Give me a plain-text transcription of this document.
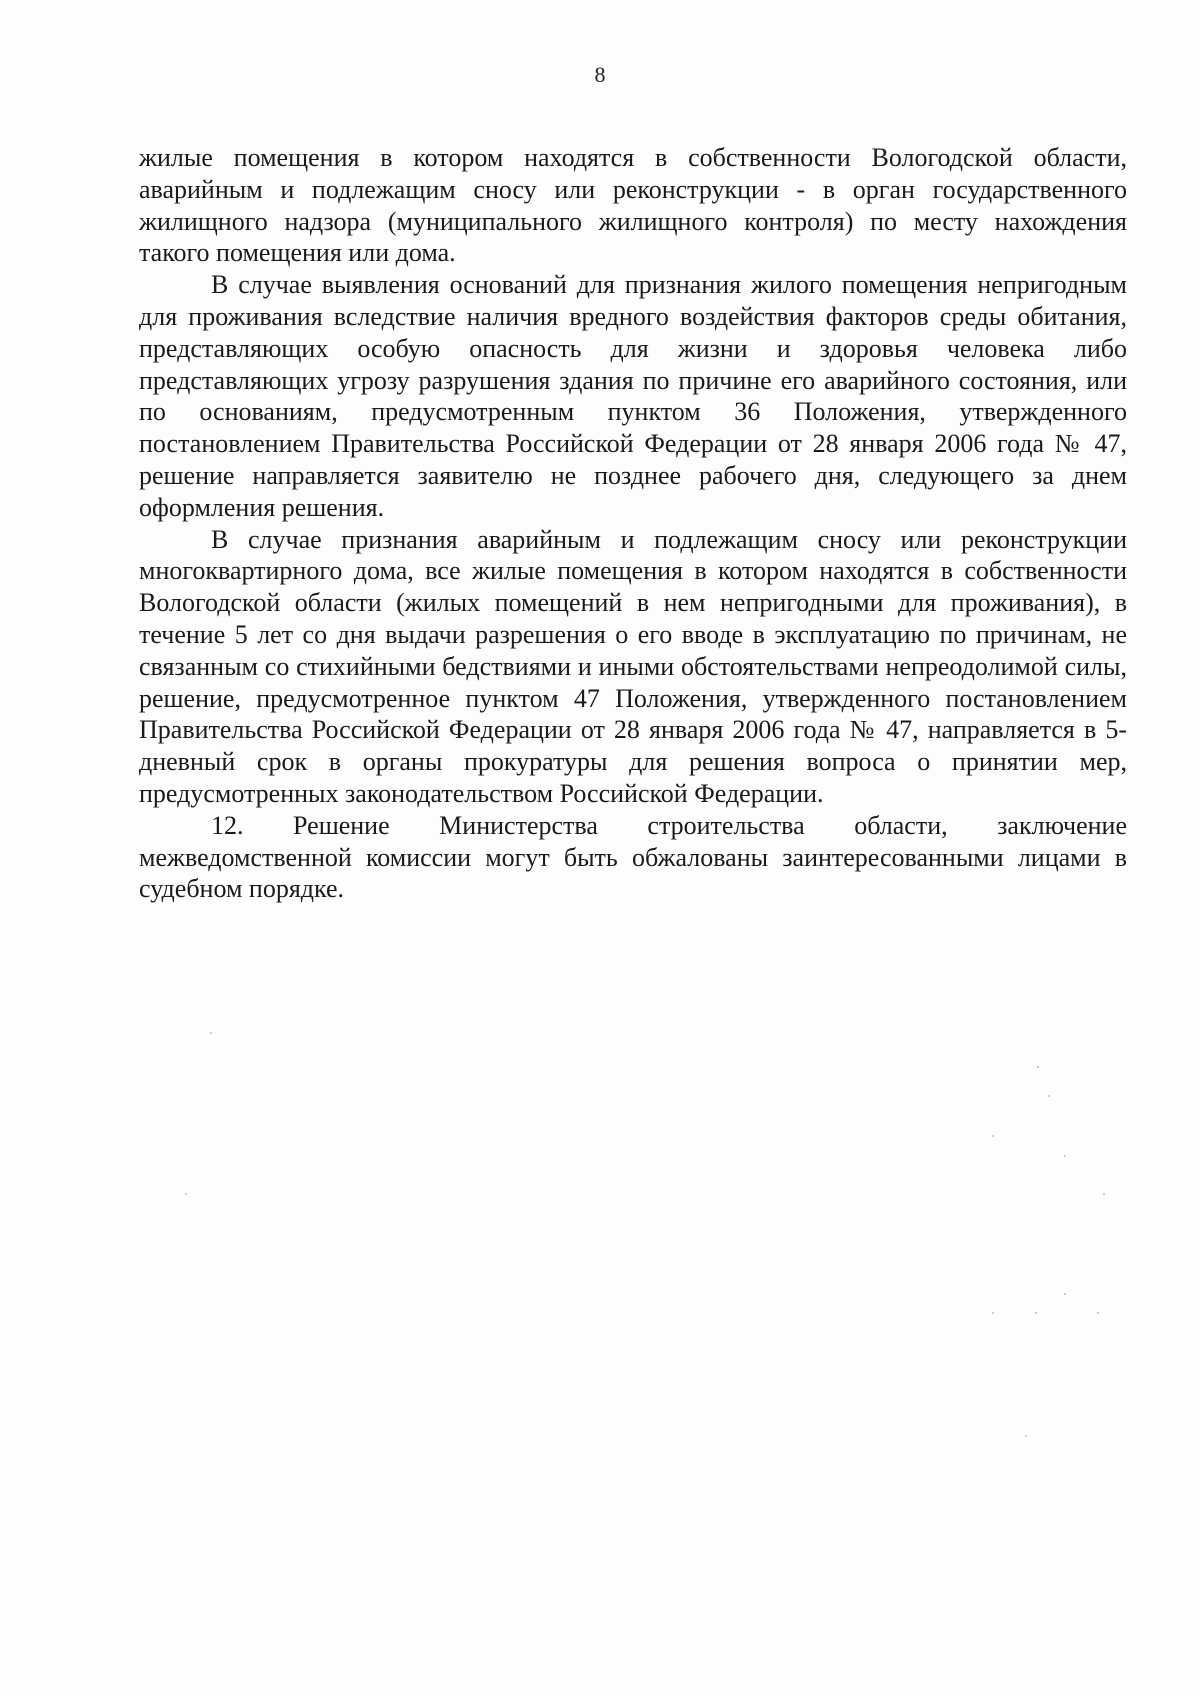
8

жилые помещения в котором находятся в собственности Вологодской области, аварийным и подлежащим сносу или реконструкции - в орган государственного жилищного надзора (муниципального жилищного контроля) по месту нахождения такого помещения или дома.

В случае выявления оснований для признания жилого помещения непригодным для проживания вследствие наличия вредного воздействия факторов среды обитания, представляющих особую опасность для жизни и здоровья человека либо представляющих угрозу разрушения здания по причине его аварийного состояния, или по основаниям, предусмотренным пунктом 36 Положения, утвержденного постановлением Правительства Российской Федерации от 28 января 2006 года № 47, решение направляется заявителю не позднее рабочего дня, следующего за днем оформления решения.

В случае признания аварийным и подлежащим сносу или реконструкции многоквартирного дома, все жилые помещения в котором находятся в собственности Вологодской области (жилых помещений в нем непригодными для проживания), в течение 5 лет со дня выдачи разрешения о его вводе в эксплуатацию по причинам, не связанным со стихийными бедствиями и иными обстоятельствами непреодолимой силы, решение, предусмотренное пунктом 47 Положения, утвержденного постановлением Правительства Российской Федерации от 28 января 2006 года № 47, направляется в 5-дневный срок в органы прокуратуры для решения вопроса о принятии мер, предусмотренных законодательством Российской Федерации.

12. Решение Министерства строительства области, заключение межведомственной комиссии могут быть обжалованы заинтересованными лицами в судебном порядке.
